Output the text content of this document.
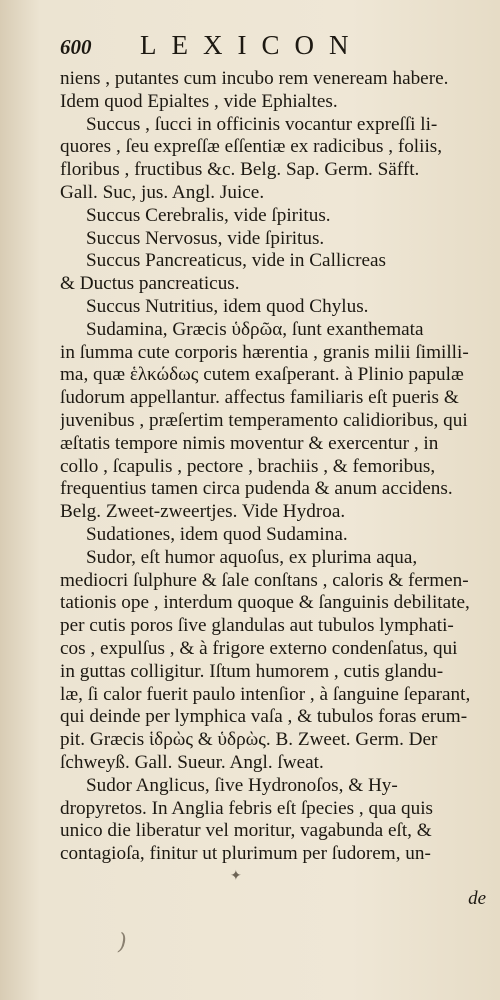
600	LEXICON
niens , putantes cum incubo rem veneream habere.
Idem quod Epialtes , vide Ephialtes.
Succus , ſucci in officinis vocantur expreſſi li-
quores , ſeu expreſſæ eſſentiæ ex radicibus , foliis,
floribus , fructibus &c. Belg. Sap. Germ. Säfft.
Gall. Suc, jus. Angl. Juice.
Succus Cerebralis, vide ſpiritus.
Succus Nervosus, vide ſpiritus.
Succus Pancreaticus, vide in Callicreas
& Ductus pancreaticus.
Succus Nutritius, idem quod Chylus.
Sudamina, Græcis ὑδρῶα, ſunt exanthemata
in ſumma cute corporis hærentia , granis milii ſimilli-
ma, quæ ἑλκώδως cutem exaſperant. à Plinio papulæ
ſudorum appellantur. affectus familiaris eſt pueris &
juvenibus , præſertim temperamento calidioribus, qui
æſtatis tempore nimis moventur & exercentur , in
collo , ſcapulis , pectore , brachiis , & femoribus,
frequentius tamen circa pudenda & anum accidens.
Belg. Zweet-zweertjes. Vide Hydroa.
Sudationes, idem quod Sudamina.
Sudor, eſt humor aquoſus, ex plurima aqua,
mediocri ſulphure & ſale conſtans , caloris & fermen-
tationis ope , interdum quoque & ſanguinis debilitate,
per cutis poros ſive glandulas aut tubulos lymphati-
cos , expulſus , & à frigore externo condenſatus, qui
in guttas colligitur. Iſtum humorem , cutis glandu-
læ, ſi calor fuerit paulo intenſior , à ſanguine ſeparant,
qui deinde per lymphica vaſa , & tubulos foras erum-
pit. Græcis ἱδρὼς & ὑδρὼς. B. Zweet. Germ. Der
ſchweyß. Gall. Sueur. Angl. ſweat.
Sudor Anglicus, ſive Hydronoſos, & Hy-
dropyretos. In Anglia febris eſt ſpecies , qua quis
unico die liberatur vel moritur, vagabunda eſt, &
contagioſa, finitur ut plurimum per ſudorem, un-
✦
)
de
